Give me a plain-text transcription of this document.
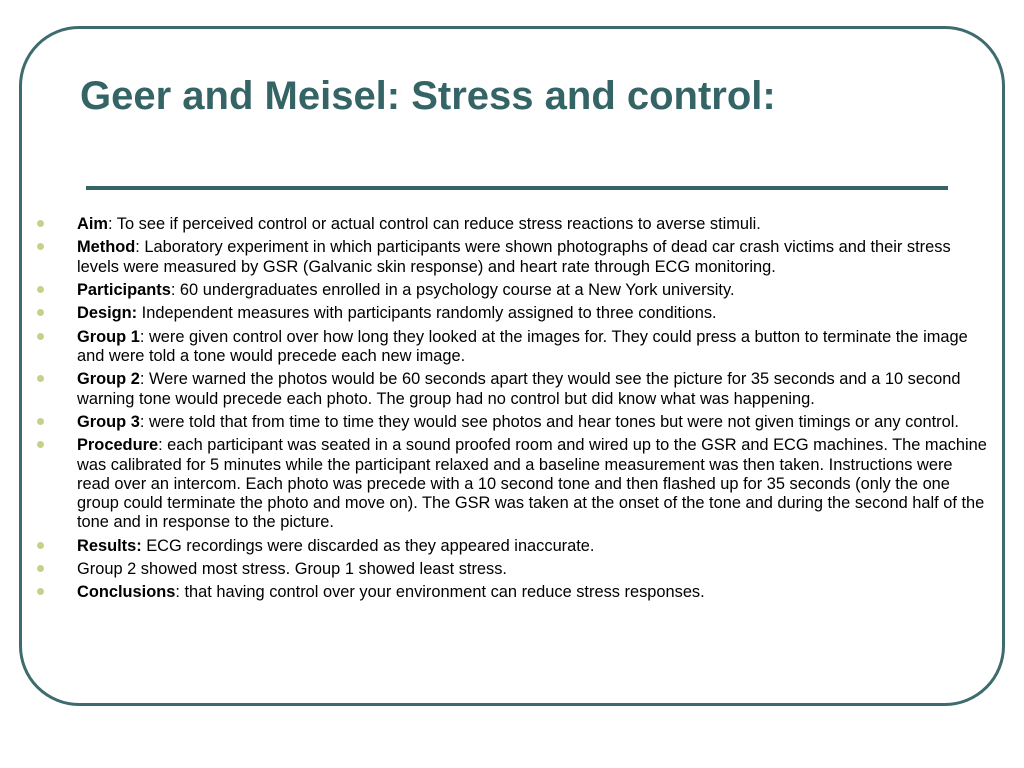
Geer and Meisel: Stress and control:
Aim: To see if perceived control or actual control can reduce stress reactions to averse stimuli.
Method: Laboratory experiment in which participants were shown photographs of dead car crash victims and their stress levels were measured by GSR (Galvanic skin response) and heart rate through ECG monitoring.
Participants: 60 undergraduates enrolled in a psychology course at a New York university.
Design: Independent measures with participants randomly assigned to three conditions.
Group 1: were given control over how long they looked at the images for. They could press a button to terminate the image and were told a tone would precede each new image.
Group 2: Were warned the photos would be 60 seconds apart they would see the picture for 35 seconds and a 10 second warning tone would precede each photo. The group had no control but did know what was happening.
Group 3: were told that from time to time they would see photos and hear tones but were not given timings or any control.
Procedure: each participant was seated in a sound proofed room and wired up to the GSR and ECG machines. The machine was calibrated for 5 minutes while the participant relaxed and a baseline measurement was then taken. Instructions were read over an intercom. Each photo was precede with a 10 second tone and then flashed up for 35 seconds (only the one group could terminate the photo and move on). The GSR was taken at the onset of the tone and during the second half of the tone and in response to the picture.
Results: ECG recordings were discarded as they appeared inaccurate.
Group 2 showed most stress. Group 1 showed least stress.
Conclusions: that having control over your environment can reduce stress responses.
